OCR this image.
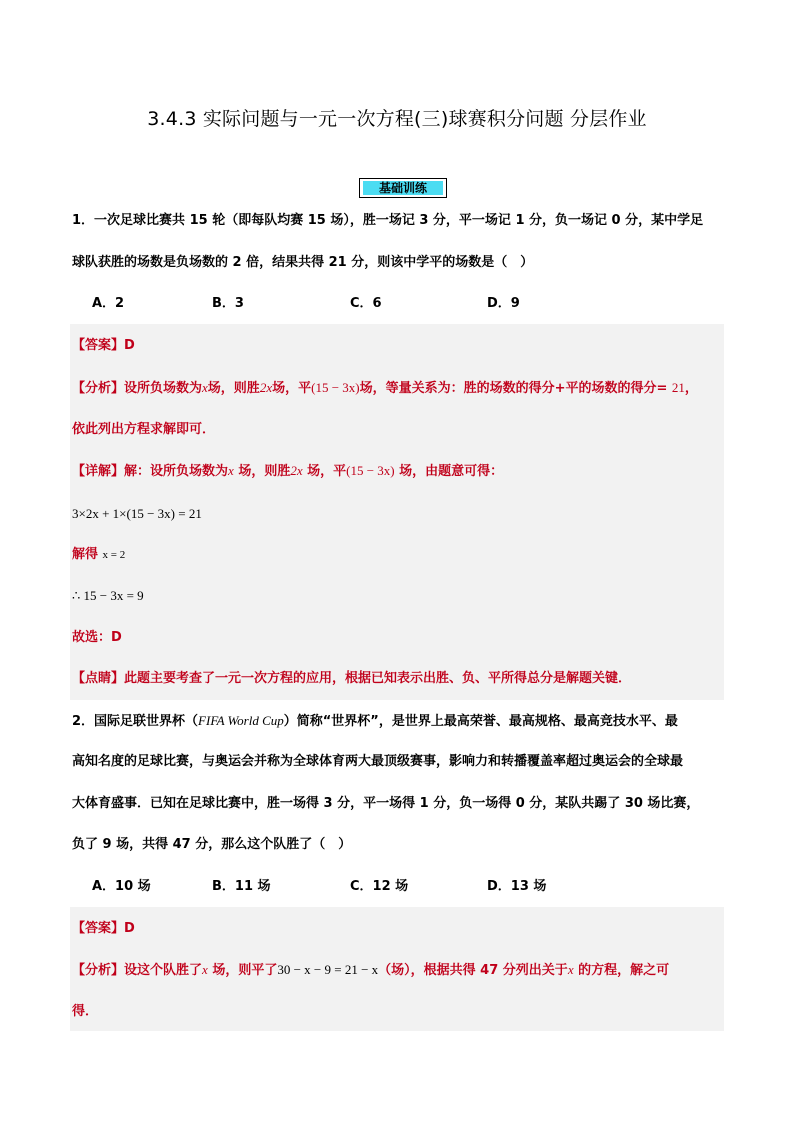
3.4.3 实际问题与一元一次方程(三)球赛积分问题 分层作业
基础训练
1．一次足球比赛共 15 轮（即每队均赛 15 场），胜一场记 3 分，平一场记 1 分，负一场记 0 分，某中学足
球队获胜的场数是负场数的 2 倍，结果共得 21 分，则该中学平的场数是（　）
A．2	B．3	C．6	D．9
【答案】D
【分析】设所负场数为x场，则胜2x场，平(15 − 3x)场，等量关系为：胜的场数的得分+平的场数的得分= 21，
依此列出方程求解即可．
【详解】解：设所负场数为x 场，则胜2x 场，平(15 − 3x) 场，由题意可得：
3×2x + 1×(15 − 3x) = 21
解得 x = 2
∴ 15 − 3x = 9
故选：D
【点睛】此题主要考查了一元一次方程的应用，根据已知表示出胜、负、平所得总分是解题关键．
2．国际足联世界杯（FIFA World Cup）简称“世界杯”，是世界上最高荣誉、最高规格、最高竞技水平、最
高知名度的足球比赛，与奥运会并称为全球体育两大最顶级赛事，影响力和转播覆盖率超过奥运会的全球最
大体育盛事．已知在足球比赛中，胜一场得 3 分，平一场得 1 分，负一场得 0 分，某队共踢了 30 场比赛，
负了 9 场，共得 47 分，那么这个队胜了（　）
A．10 场	B．11 场	C．12 场	D．13 场
【答案】D
【分析】设这个队胜了x 场，则平了30 − x − 9 = 21 − x（场），根据共得 47 分列出关于x 的方程，解之可
得．
